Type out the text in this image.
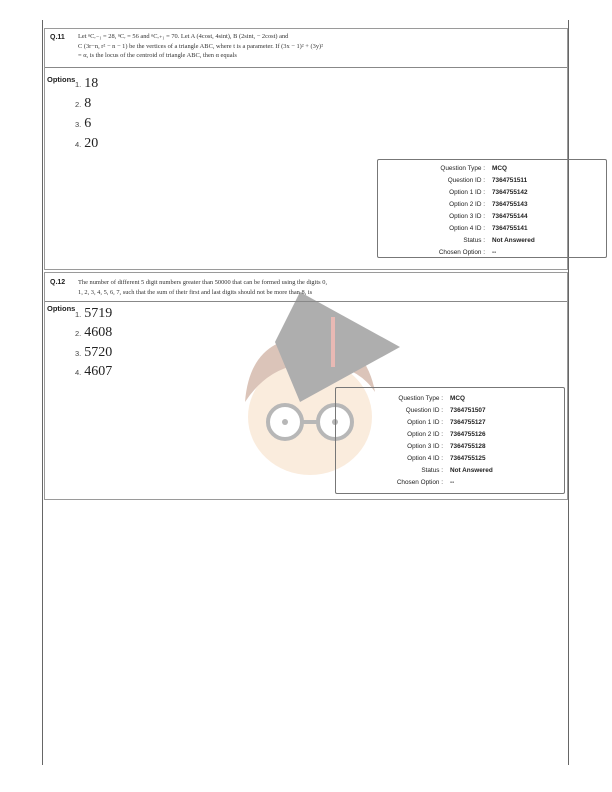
Q.11 Let ⁿCᵣ₋₁ = 28, ⁿCᵣ = 56 and ⁿCᵣ₊₁ = 70. Let A (4cost, 4sint), B (2sint, − 2cost) and
C (3r−n, r² − n − 1) be the vertices of a triangle ABC, where t is a parameter. If (3x − 1)² + (3y)²
= α, is the locus of the centroid of triangle ABC, then α equals
Options
1. 18
2. 8
3. 6
4. 20
Question Type : MCQ
Question ID : 7364751511
Option 1 ID : 7364755142
Option 2 ID : 7364755143
Option 3 ID : 7364755144
Option 4 ID : 7364755141
Status : Not Answered
Chosen Option : --
Q.12 The number of different 5 digit numbers greater than 50000 that can be formed using the digits 0,
1, 2, 3, 4, 5, 6, 7, such that the sum of their first and last digits should not be more than 8, is
Options
1. 5719
2. 4608
3. 5720
4. 4607
Question Type : MCQ
Question ID : 7364751507
Option 1 ID : 7364755127
Option 2 ID : 7364755126
Option 3 ID : 7364755128
Option 4 ID : 7364755125
Status : Not Answered
Chosen Option : --
